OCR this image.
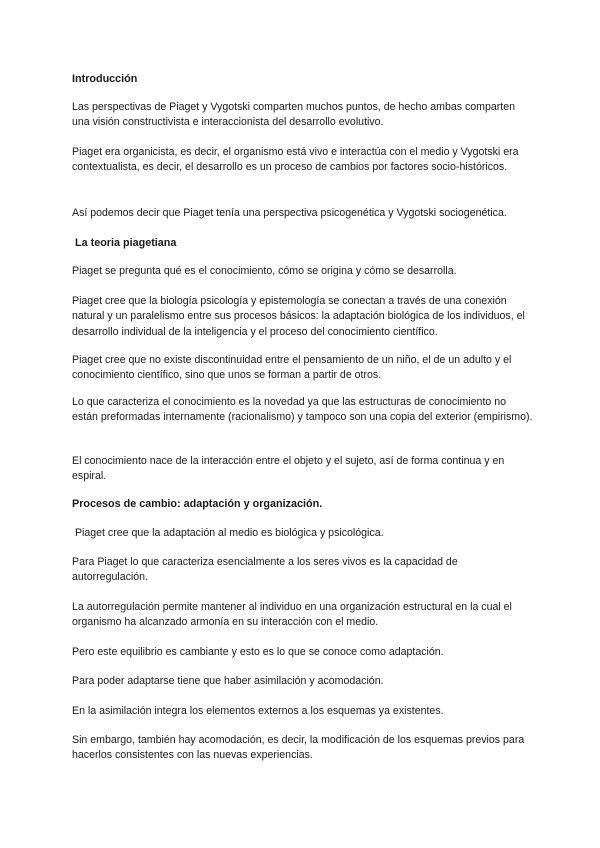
Introducción

Las perspectivas de Piaget y Vygotski comparten muchos puntos, de hecho ambas comparten una visión constructivista e interaccionista del desarrollo evolutivo.

Piaget era organicista, es decir, el organismo está vivo e interactúa con el medio y Vygotski era contextualista, es decir, el desarrollo es un proceso de cambios por factores socio-históricos.

Así podemos decir que Piaget tenía una perspectiva psicogenética y Vygotski sociogenética.

La teoria piagetiana

Piaget se pregunta qué es el conocimiento, cómo se origina y cómo se desarrolla.

Piaget cree que la biología psicología y epistemología se conectan a través de una conexión natural y un paralelismo entre sus procesos básicos: la adaptación biológica de los individuos, el desarrollo individual de la inteligencia y el proceso del conocimiento científico.

Piaget cree que no existe discontinuidad entre el pensamiento de un niño, el de un adulto y el conocimiento científico, sino que unos se forman a partir de otros.

Lo que caracteriza el conocimiento es la novedad ya que las estructuras de conocimiento no están preformadas internamente (racionalismo) y tampoco son una copia del exterior (empirismo).

El conocimiento nace de la interacción entre el objeto y el sujeto, así de forma continua y en espiral.

Procesos de cambio: adaptación y organización.

Piaget cree que la adaptación al medio es biológica y psicológica.

Para Piaget lo que caracteriza esencialmente a los seres vivos es la capacidad de autorregulación.

La autorregulación permite mantener al individuo en una organización estructural en la cual el organismo ha alcanzado armonía en su interacción con el medio.

Pero este equilibrio es cambiante y esto es lo que se conoce como adaptación.

Para poder adaptarse tiene que haber asimilación y acomodación.

En la asimilación integra los elementos externos a los esquemas ya existentes.

Sin embargo, también hay acomodación, es decir, la modificación de los esquemas previos para hacerlos consistentes con las nuevas experiencias.
